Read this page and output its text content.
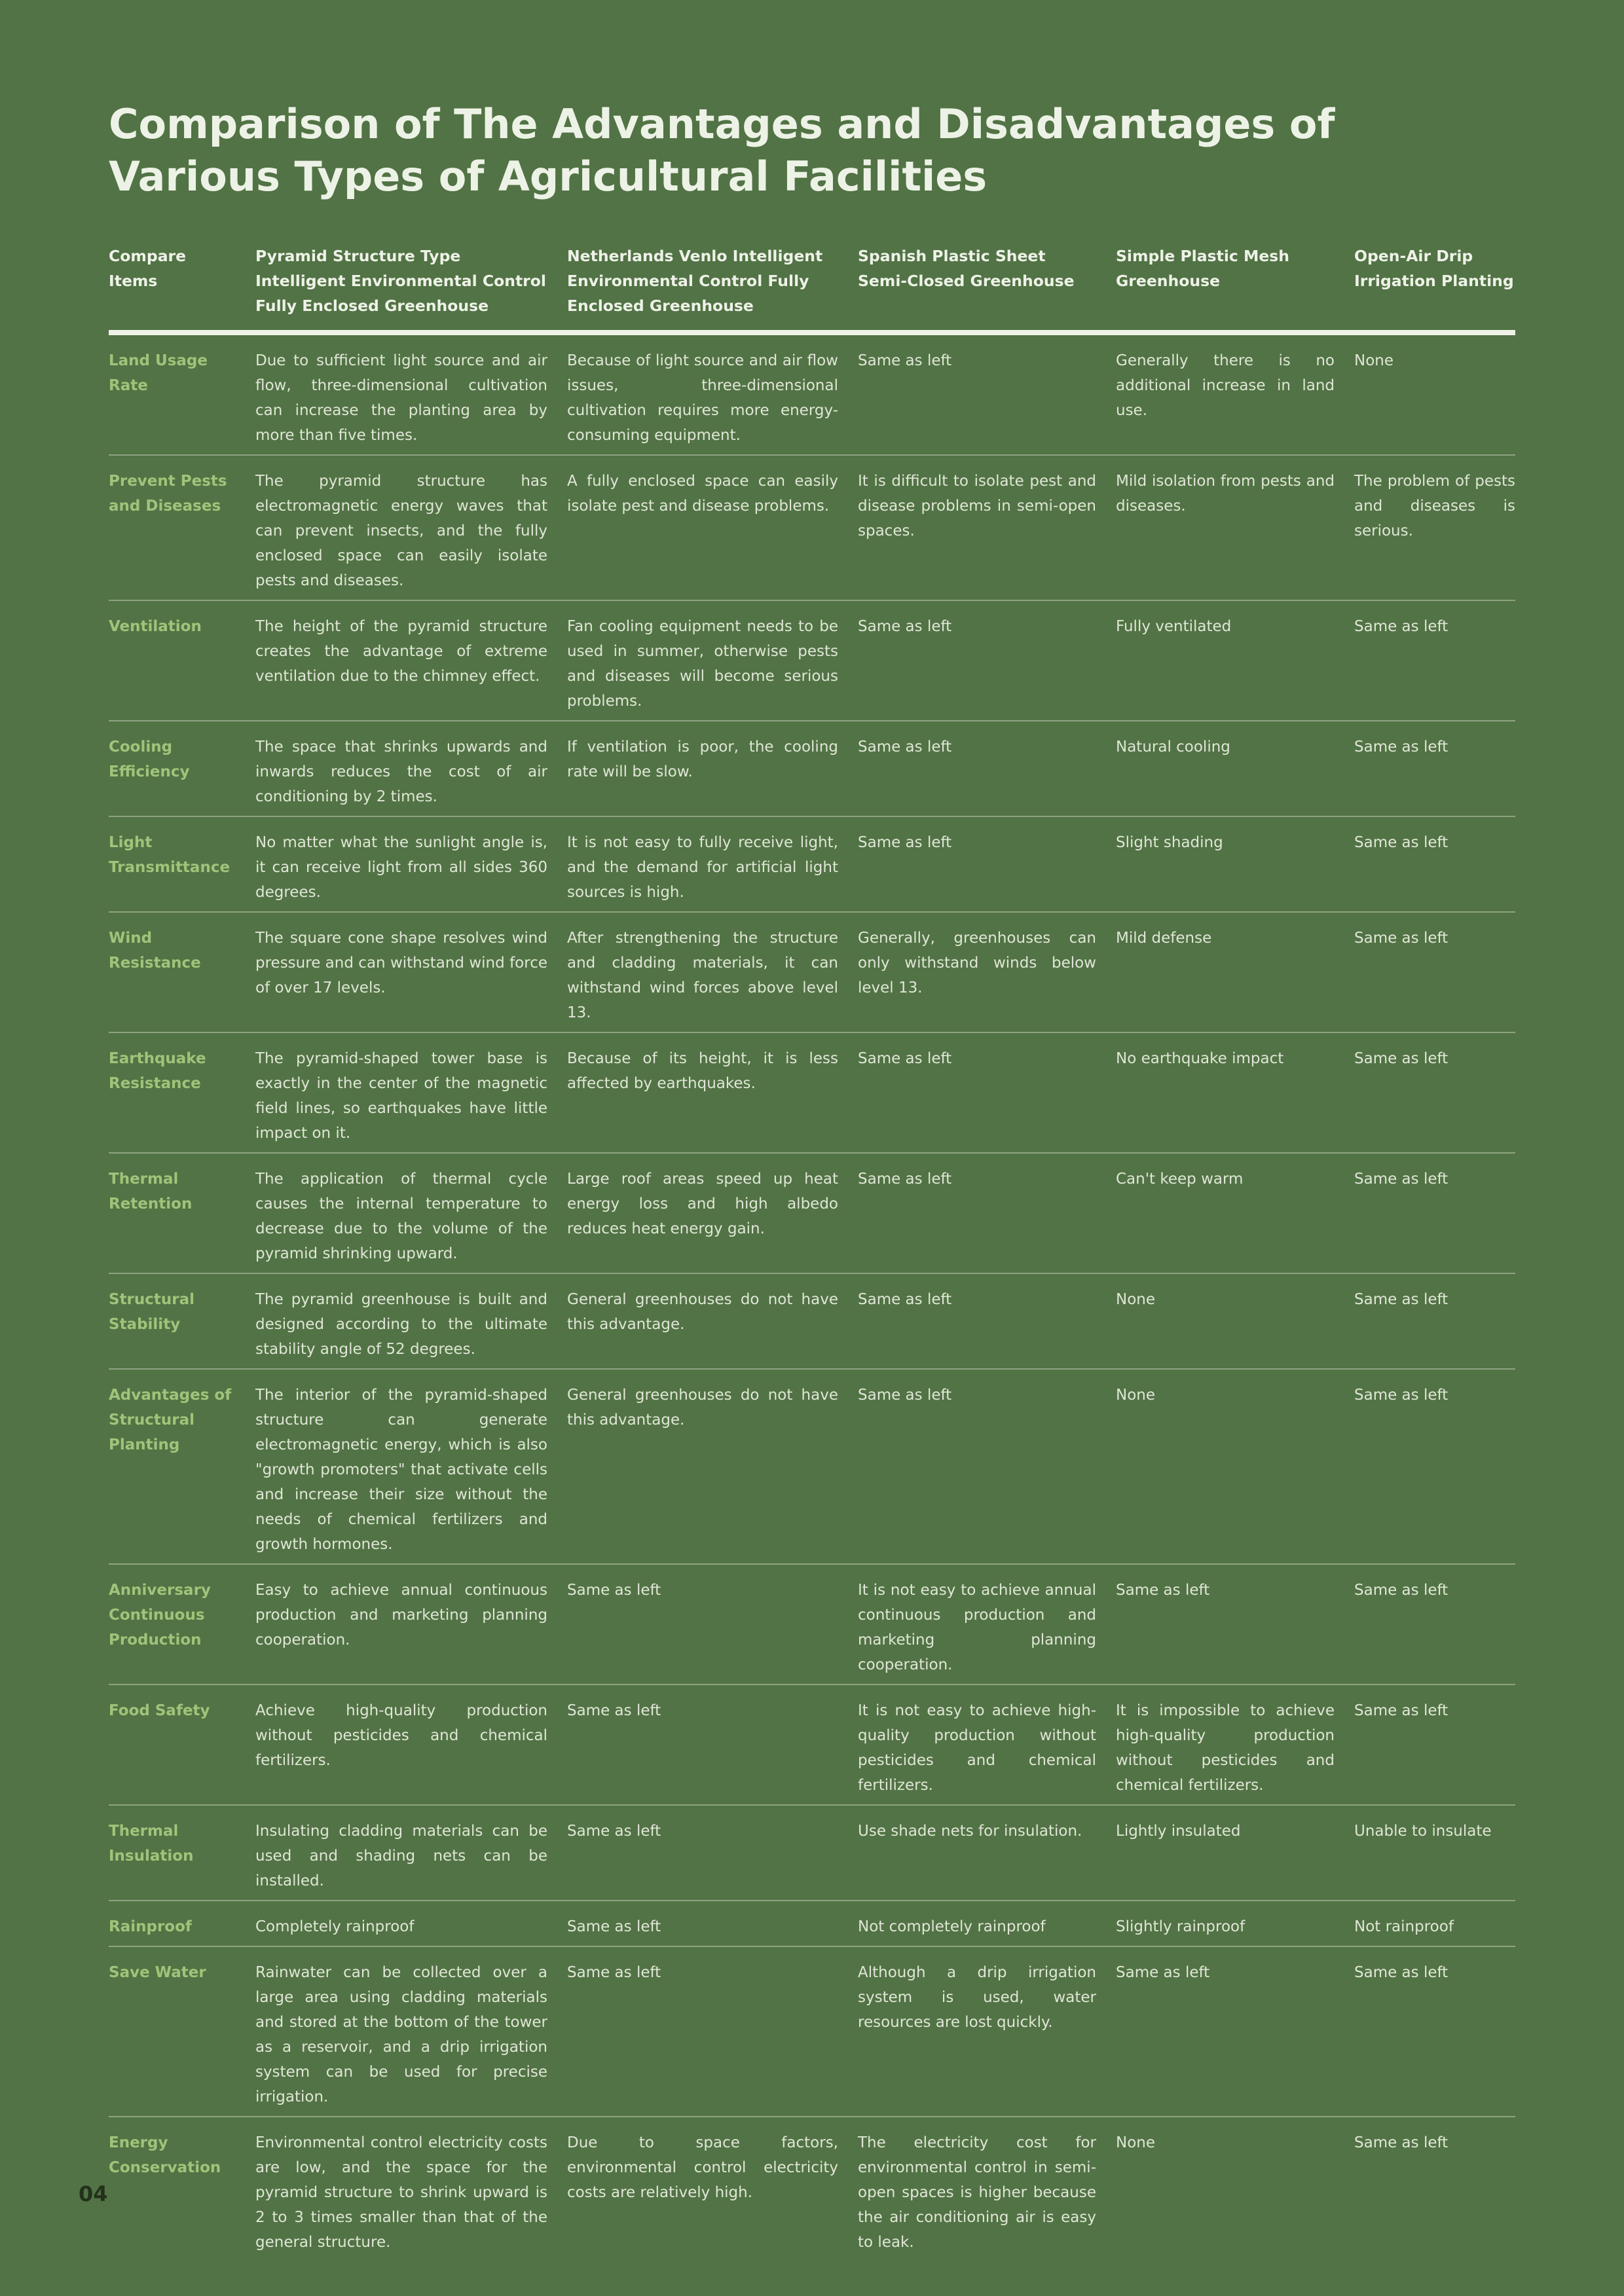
Comparison of The Advantages and Disadvantages of
Various Types of Agricultural Facilities
Compare Items	Pyramid Structure Type Intelligent Environmental Control Fully Enclosed Greenhouse	Netherlands Venlo Intelligent Environmental Control Fully Enclosed Greenhouse	Spanish Plastic Sheet Semi-Closed Greenhouse	Simple Plastic Mesh Greenhouse	Open-Air Drip Irrigation Planting
Land Usage Rate	Due to sufficient light source and air flow, three-dimensional cultivation can increase the planting area by more than five times.	Because of light source and air flow issues, three-dimensional cultivation requires more energy-consuming equipment.	Same as left	Generally there is no additional increase in land use.	None
Prevent Pests and Diseases	The pyramid structure has electromagnetic energy waves that can prevent insects, and the fully enclosed space can easily isolate pests and diseases.	A fully enclosed space can easily isolate pest and disease problems.	It is difficult to isolate pest and disease problems in semi-open spaces.	Mild isolation from pests and diseases.	The problem of pests and diseases is serious.
Ventilation	The height of the pyramid structure creates the advantage of extreme ventilation due to the chimney effect.	Fan cooling equipment needs to be used in summer, otherwise pests and diseases will become serious problems.	Same as left	Fully ventilated	Same as left
Cooling Efficiency	The space that shrinks upwards and inwards reduces the cost of air conditioning by 2 times.	If ventilation is poor, the cooling rate will be slow.	Same as left	Natural cooling	Same as left
Light Transmittance	No matter what the sunlight angle is, it can receive light from all sides 360 degrees.	It is not easy to fully receive light, and the demand for artificial light sources is high.	Same as left	Slight shading	Same as left
Wind Resistance	The square cone shape resolves wind pressure and can withstand wind force of over 17 levels.	After strengthening the structure and cladding materials, it can withstand wind forces above level 13.	Generally, greenhouses can only withstand winds below level 13.	Mild defense	Same as left
Earthquake Resistance	The pyramid-shaped tower base is exactly in the center of the magnetic field lines, so earthquakes have little impact on it.	Because of its height, it is less affected by earthquakes.	Same as left	No earthquake impact	Same as left
Thermal Retention	The application of thermal cycle causes the internal temperature to decrease due to the volume of the pyramid shrinking upward.	Large roof areas speed up heat energy loss and high albedo reduces heat energy gain.	Same as left	Can't keep warm	Same as left
Structural Stability	The pyramid greenhouse is built and designed according to the ultimate stability angle of 52 degrees.	General greenhouses do not have this advantage.	Same as left	None	Same as left
Advantages of Structural Planting	The interior of the pyramid-shaped structure can generate electromagnetic energy, which is also "growth promoters" that activate cells and increase their size without the needs of chemical fertilizers and growth hormones.	General greenhouses do not have this advantage.	Same as left	None	Same as left
Anniversary Continuous Production	Easy to achieve annual continuous production and marketing planning cooperation.	Same as left	It is not easy to achieve annual continuous production and marketing planning cooperation.	Same as left	Same as left
Food Safety	Achieve high-quality production without pesticides and chemical fertilizers.	Same as left	It is not easy to achieve high-quality production without pesticides and chemical fertilizers.	It is impossible to achieve high-quality production without pesticides and chemical fertilizers.	Same as left
Thermal Insulation	Insulating cladding materials can be used and shading nets can be installed.	Same as left	Use shade nets for insulation.	Lightly insulated	Unable to insulate
Rainproof	Completely rainproof	Same as left	Not completely rainproof	Slightly rainproof	Not rainproof
Save Water	Rainwater can be collected over a large area using cladding materials and stored at the bottom of the tower as a reservoir, and a drip irrigation system can be used for precise irrigation.	Same as left	Although a drip irrigation system is used, water resources are lost quickly.	Same as left	Same as left
Energy Conservation	Environmental control electricity costs are low, and the space for the pyramid structure to shrink upward is 2 to 3 times smaller than that of the general structure.	Due to space factors, environmental control electricity costs are relatively high.	The electricity cost for environmental control in semi-open spaces is higher because the air conditioning air is easy to leak.	None	Same as left
04
